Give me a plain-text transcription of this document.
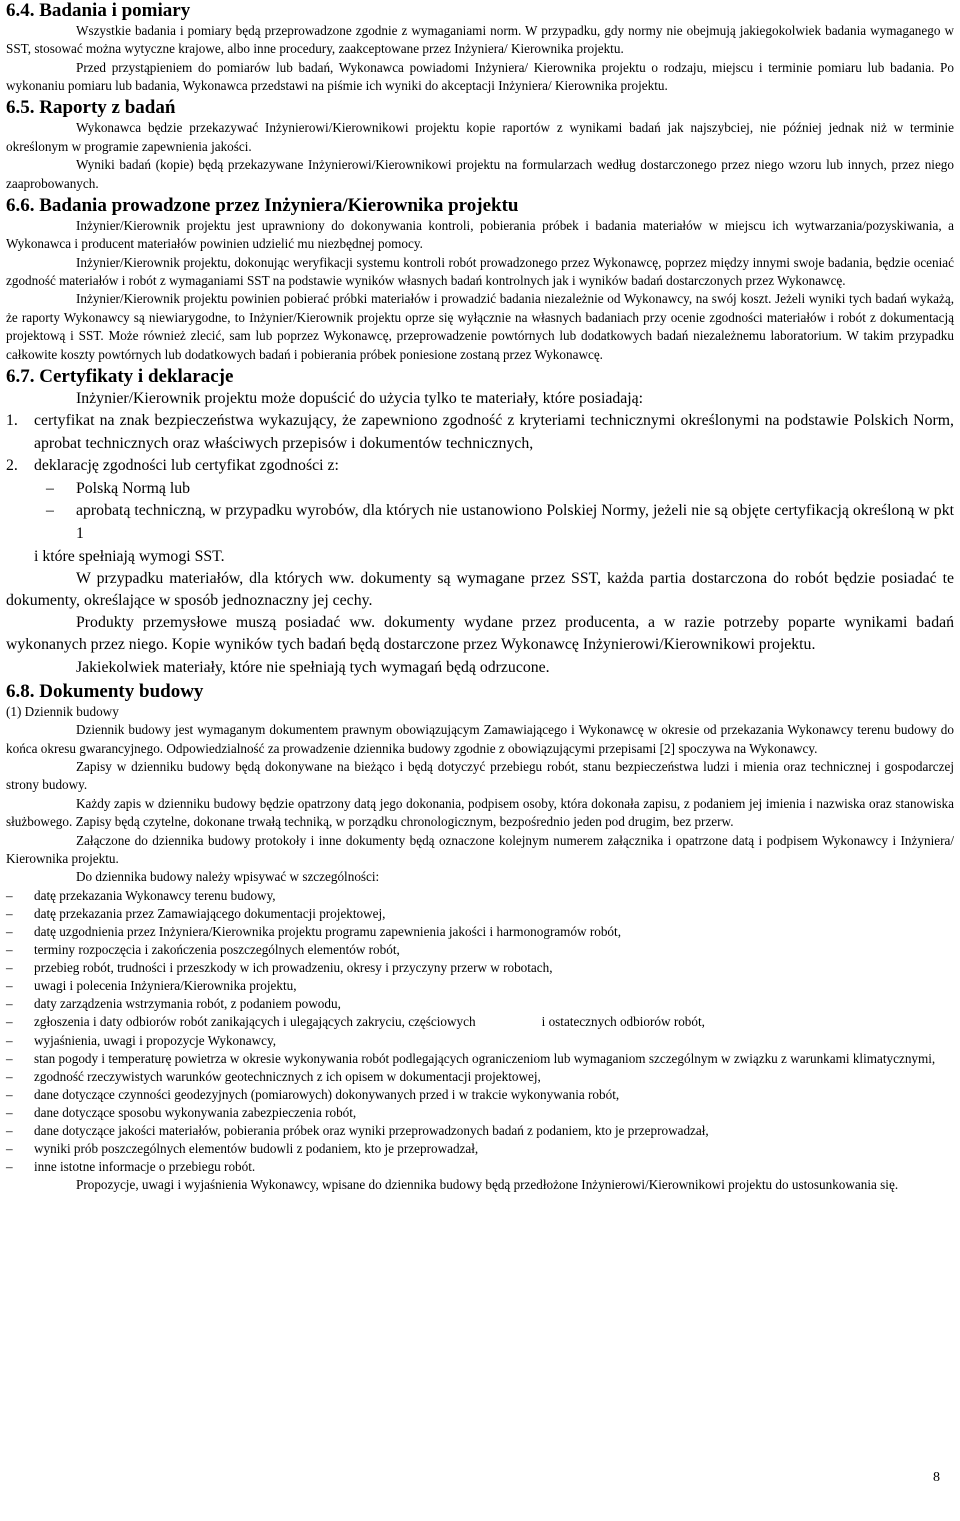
6.4. Badania i pomiary

Wszystkie badania i pomiary będą przeprowadzone zgodnie z wymaganiami norm. W przypadku, gdy normy nie obejmują jakiegokolwiek badania wymaganego w SST, stosować można wytyczne krajowe, albo inne procedury, zaakceptowane przez Inżyniera/ Kierownika projektu.

Przed przystąpieniem do pomiarów lub badań, Wykonawca powiadomi Inżyniera/ Kierownika projektu o rodzaju, miejscu i terminie pomiaru lub badania. Po wykonaniu pomiaru lub badania, Wykonawca przedstawi na piśmie ich wyniki do akceptacji Inżyniera/ Kierownika projektu.

6.5. Raporty z badań

Wykonawca będzie przekazywać Inżynierowi/Kierownikowi projektu kopie raportów z wynikami badań jak najszybciej, nie później jednak niż w terminie określonym w programie zapewnienia jakości.

Wyniki badań (kopie) będą przekazywane Inżynierowi/Kierownikowi projektu na formularzach według dostarczonego przez niego wzoru lub innych, przez niego zaaprobowanych.

6.6. Badania prowadzone przez Inżyniera/Kierownika projektu

Inżynier/Kierownik projektu jest uprawniony do dokonywania kontroli, pobierania próbek i badania materiałów w miejscu ich wytwarzania/pozyskiwania, a Wykonawca i producent materiałów powinien udzielić mu niezbędnej pomocy.

Inżynier/Kierownik projektu, dokonując weryfikacji systemu kontroli robót prowadzonego przez Wykonawcę, poprzez między innymi swoje badania, będzie oceniać zgodność materiałów i robót z wymaganiami SST na podstawie wyników własnych badań kontrolnych jak i wyników badań dostarczonych przez Wykonawcę.

Inżynier/Kierownik projektu powinien pobierać próbki materiałów i prowadzić badania niezależnie od Wykonawcy, na swój koszt. Jeżeli wyniki tych badań wykażą, że raporty Wykonawcy są niewiarygodne, to Inżynier/Kierownik projektu oprze się wyłącznie na własnych badaniach przy ocenie zgodności materiałów i robót z dokumentacją projektową i SST. Może również zlecić, sam lub poprzez Wykonawcę, przeprowadzenie powtórnych lub dodatkowych badań niezależnemu laboratorium. W takim przypadku całkowite koszty powtórnych lub dodatkowych badań i pobierania próbek poniesione zostaną przez Wykonawcę.

6.7. Certyfikaty i deklaracje

Inżynier/Kierownik projektu może dopuścić do użycia tylko te materiały, które posiadają:

1. certyfikat na znak bezpieczeństwa wykazujący, że zapewniono zgodność z kryteriami technicznymi określonymi na podstawie Polskich Norm, aprobat technicznych oraz właściwych przepisów i dokumentów technicznych,
2. deklarację zgodności lub certyfikat zgodności z:
– Polską Normą lub
– aprobatą techniczną, w przypadku wyrobów, dla których nie ustanowiono Polskiej Normy, jeżeli nie są objęte certyfikacją określoną w pkt 1

i które spełniają wymogi SST.

W przypadku materiałów, dla których ww. dokumenty są wymagane przez SST, każda partia dostarczona do robót będzie posiadać te dokumenty, określające w sposób jednoznaczny jej cechy.

Produkty przemysłowe muszą posiadać ww. dokumenty wydane przez producenta, a w razie potrzeby poparte wynikami badań wykonanych przez niego. Kopie wyników tych badań będą dostarczone przez Wykonawcę Inżynierowi/Kierownikowi projektu.

Jakiekolwiek materiały, które nie spełniają tych wymagań będą odrzucone.

6.8. Dokumenty budowy

(1) Dziennik budowy

Dziennik budowy jest wymaganym dokumentem prawnym obowiązującym Zamawiającego i Wykonawcę w okresie od przekazania Wykonawcy terenu budowy do końca okresu gwarancyjnego. Odpowiedzialność za prowadzenie dziennika budowy zgodnie z obowiązującymi przepisami [2] spoczywa na Wykonawcy.

Zapisy w dzienniku budowy będą dokonywane na bieżąco i będą dotyczyć przebiegu robót, stanu bezpieczeństwa ludzi i mienia oraz technicznej i gospodarczej strony budowy.

Każdy zapis w dzienniku budowy będzie opatrzony datą jego dokonania, podpisem osoby, która dokonała zapisu, z podaniem jej imienia i nazwiska oraz stanowiska służbowego. Zapisy będą czytelne, dokonane trwałą techniką, w porządku chronologicznym, bezpośrednio jeden pod drugim, bez przerw.

Załączone do dziennika budowy protokoły i inne dokumenty będą oznaczone kolejnym numerem załącznika i opatrzone datą i podpisem Wykonawcy i Inżyniera/ Kierownika projektu.

Do dziennika budowy należy wpisywać w szczególności:

– datę przekazania Wykonawcy terenu budowy,
– datę przekazania przez Zamawiającego dokumentacji projektowej,
– datę uzgodnienia przez Inżyniera/Kierownika projektu programu zapewnienia jakości i harmonogramów robót,
– terminy rozpoczęcia i zakończenia poszczególnych elementów robót,
– przebieg robót, trudności i przeszkody w ich prowadzeniu, okresy i przyczyny przerw w robotach,
– uwagi i polecenia Inżyniera/Kierownika projektu,
– daty zarządzenia wstrzymania robót, z podaniem powodu,
– zgłoszenia i daty odbiorów robót zanikających i ulegających zakryciu, częściowych	i ostatecznych odbiorów robót,
– wyjaśnienia, uwagi i propozycje Wykonawcy,
– stan pogody i temperaturę powietrza w okresie wykonywania robót podlegających ograniczeniom lub wymaganiom szczególnym w związku z warunkami klimatycznymi,
– zgodność rzeczywistych warunków geotechnicznych z ich opisem w dokumentacji projektowej,
– dane dotyczące czynności geodezyjnych (pomiarowych) dokonywanych przed i w trakcie wykonywania robót,
– dane dotyczące sposobu wykonywania zabezpieczenia robót,
– dane dotyczące jakości materiałów, pobierania próbek oraz wyniki przeprowadzonych badań z podaniem, kto je przeprowadzał,
– wyniki prób poszczególnych elementów budowli z podaniem, kto je przeprowadzał,
– inne istotne informacje o przebiegu robót.

Propozycje, uwagi i wyjaśnienia Wykonawcy, wpisane do dziennika budowy będą przedłożone Inżynierowi/Kierownikowi projektu do ustosunkowania się.

8
